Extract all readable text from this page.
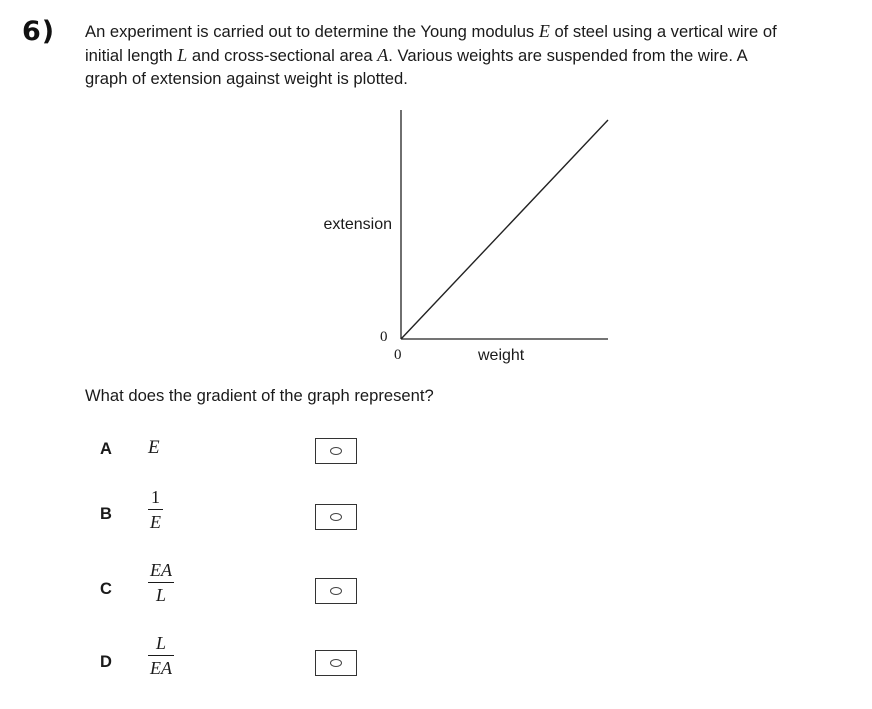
6) An experiment is carried out to determine the Young modulus E of steel using a vertical wire of
initial length L and cross-sectional area A. Various weights are suspended from the wire. A
graph of extension against weight is plotted.
extension
weight
0
0
What does the gradient of the graph represent?
A E
B
1
E
C
EA
L
D
L
EA
